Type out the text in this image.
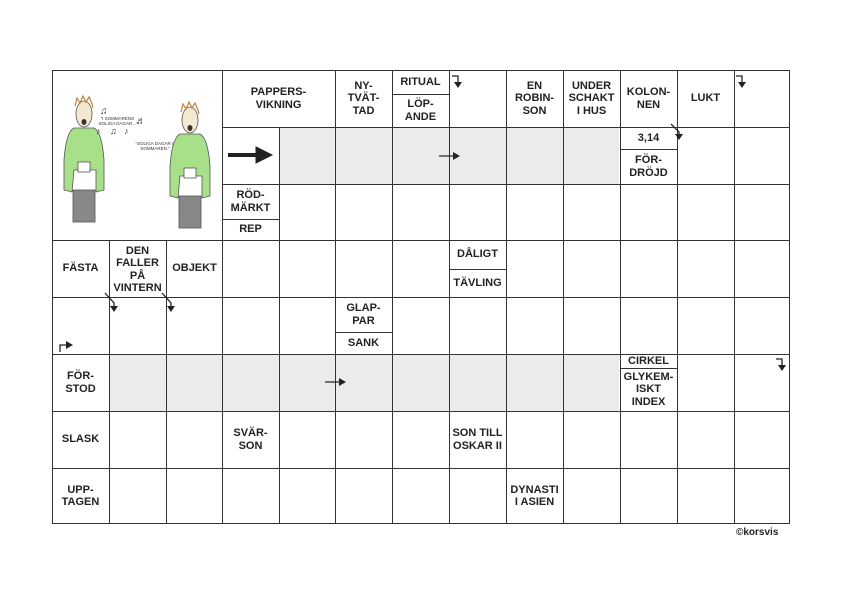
♫
♬
♪ ♫ ♪
"I SOMMARENS SOLIGA DAGAR..."
"SOLIGA DAGAR I SOMMAREN."
PAPPERS-
VIKNING
NY-
TVÄT-
TAD
RITUAL
LÖP-
ANDE
EN
ROBIN-
SON
UNDER
SCHAKT
I HUS
KOLON-
NEN
LUKT
3,14
FÖR-
DRÖJD
RÖD-
MÄRKT
REP
FÄSTA
DEN
FALLER
PÅ
VINTERN
OBJEKT
DÅLIGT
TÄVLING
GLAP-
PAR
SANK
FÖR-
STOD
CIRKEL
GLYKEM-
ISKT
INDEX
SLASK
SVÄR-
SON
SON TILL
OSKAR II
UPP-
TAGEN
DYNASTI
I ASIEN
©korsvis
